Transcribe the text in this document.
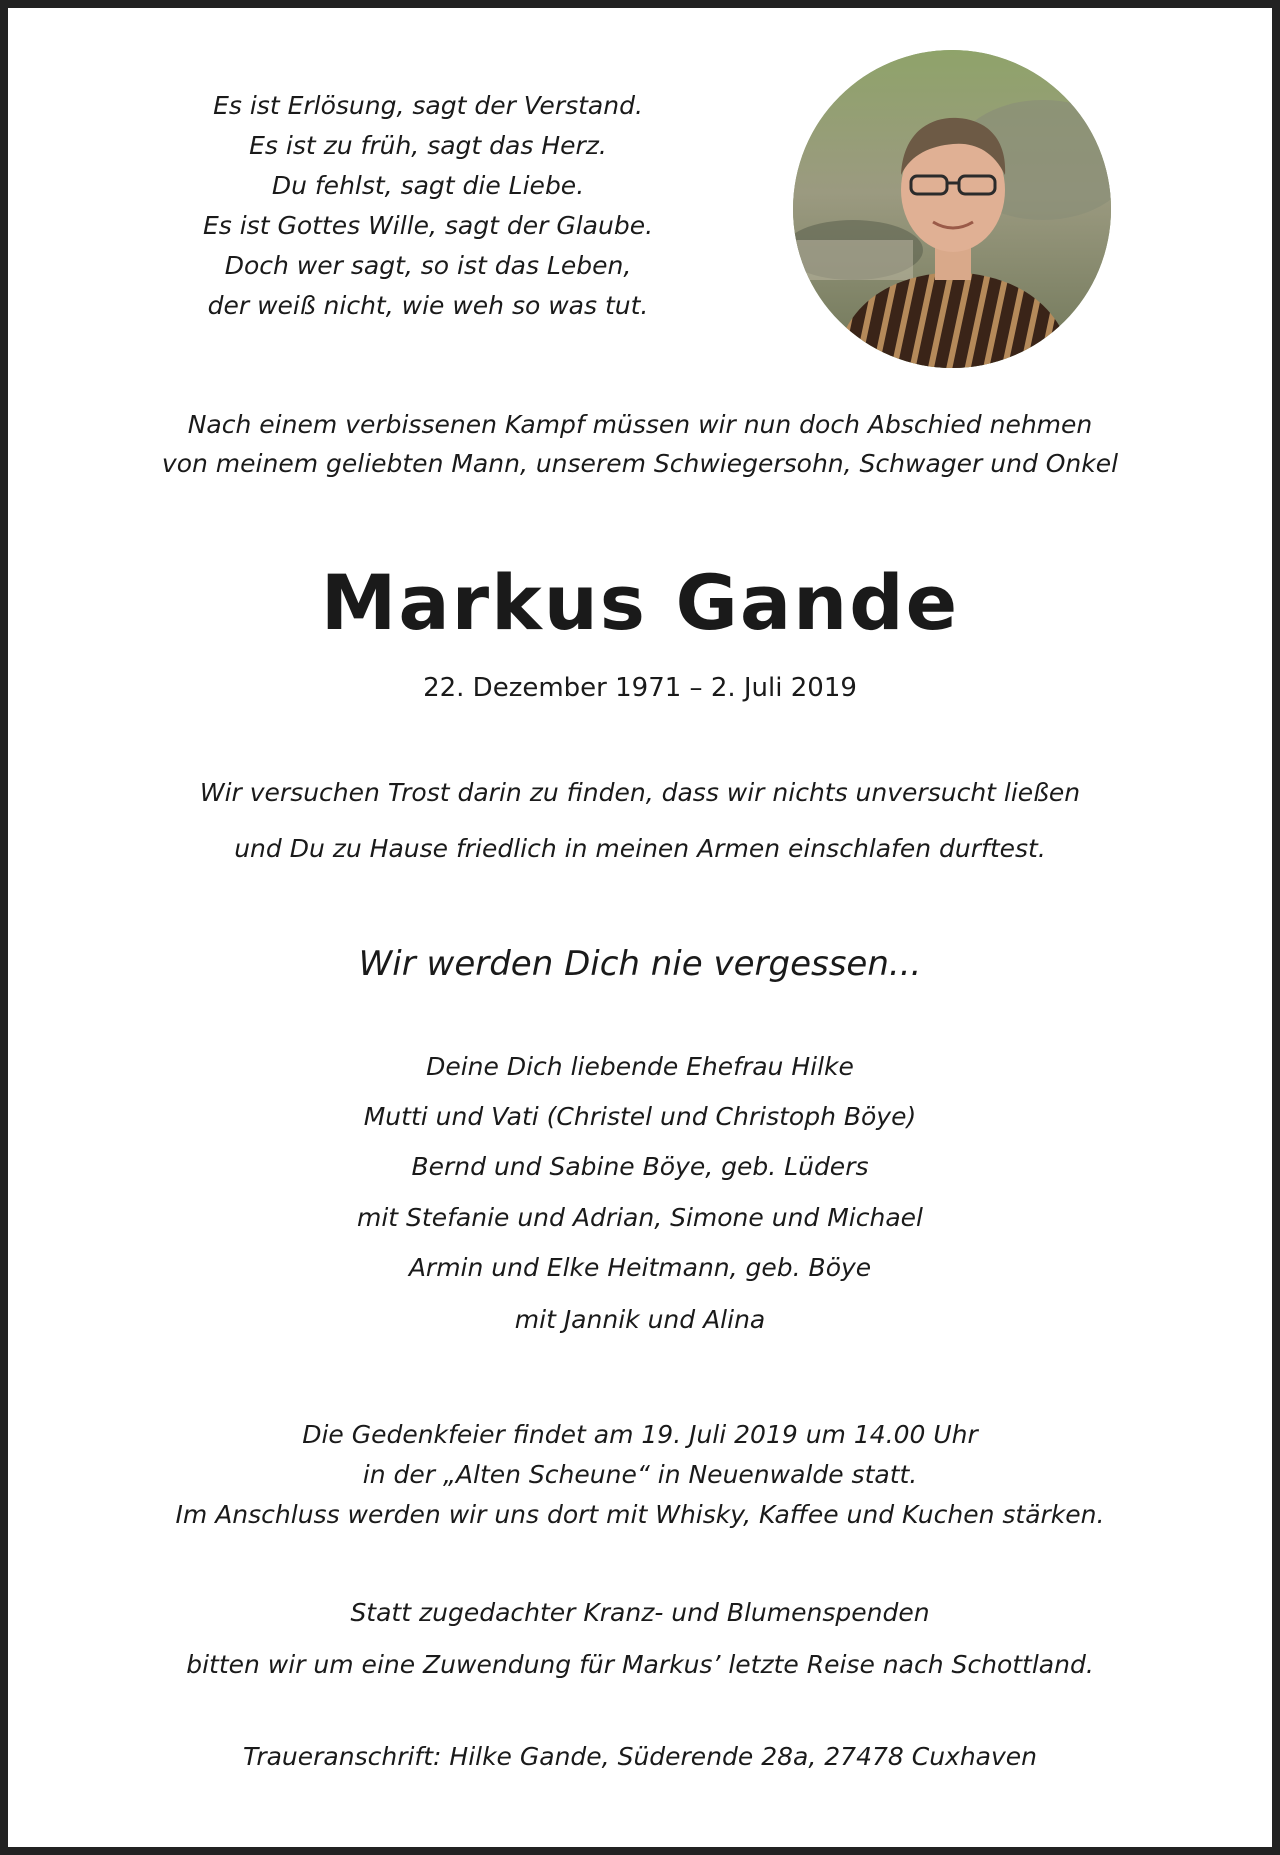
Es ist Erlösung, sagt der Verstand.
Es ist zu früh, sagt das Herz.
Du fehlst, sagt die Liebe.
Es ist Gottes Wille, sagt der Glaube.
Doch wer sagt, so ist das Leben,
der weiß nicht, wie weh so was tut.
Nach einem verbissenen Kampf müssen wir nun doch Abschied nehmen
von meinem geliebten Mann, unserem Schwiegersohn, Schwager und Onkel
Markus Gande
22. Dezember 1971 – 2. Juli 2019
Wir versuchen Trost darin zu finden, dass wir nichts unversucht ließen
und Du zu Hause friedlich in meinen Armen einschlafen durftest.
Wir werden Dich nie vergessen...
Deine Dich liebende Ehefrau Hilke
Mutti und Vati (Christel und Christoph Böye)
Bernd und Sabine Böye, geb. Lüders
mit Stefanie und Adrian, Simone und Michael
Armin und Elke Heitmann, geb. Böye
mit Jannik und Alina
Die Gedenkfeier findet am 19. Juli 2019 um 14.00 Uhr
in der „Alten Scheune“ in Neuenwalde statt.
Im Anschluss werden wir uns dort mit Whisky, Kaffee und Kuchen stärken.
Statt zugedachter Kranz- und Blumenspenden
bitten wir um eine Zuwendung für Markus’ letzte Reise nach Schottland.
Traueranschrift: Hilke Gande, Süderende 28a, 27478 Cuxhaven
